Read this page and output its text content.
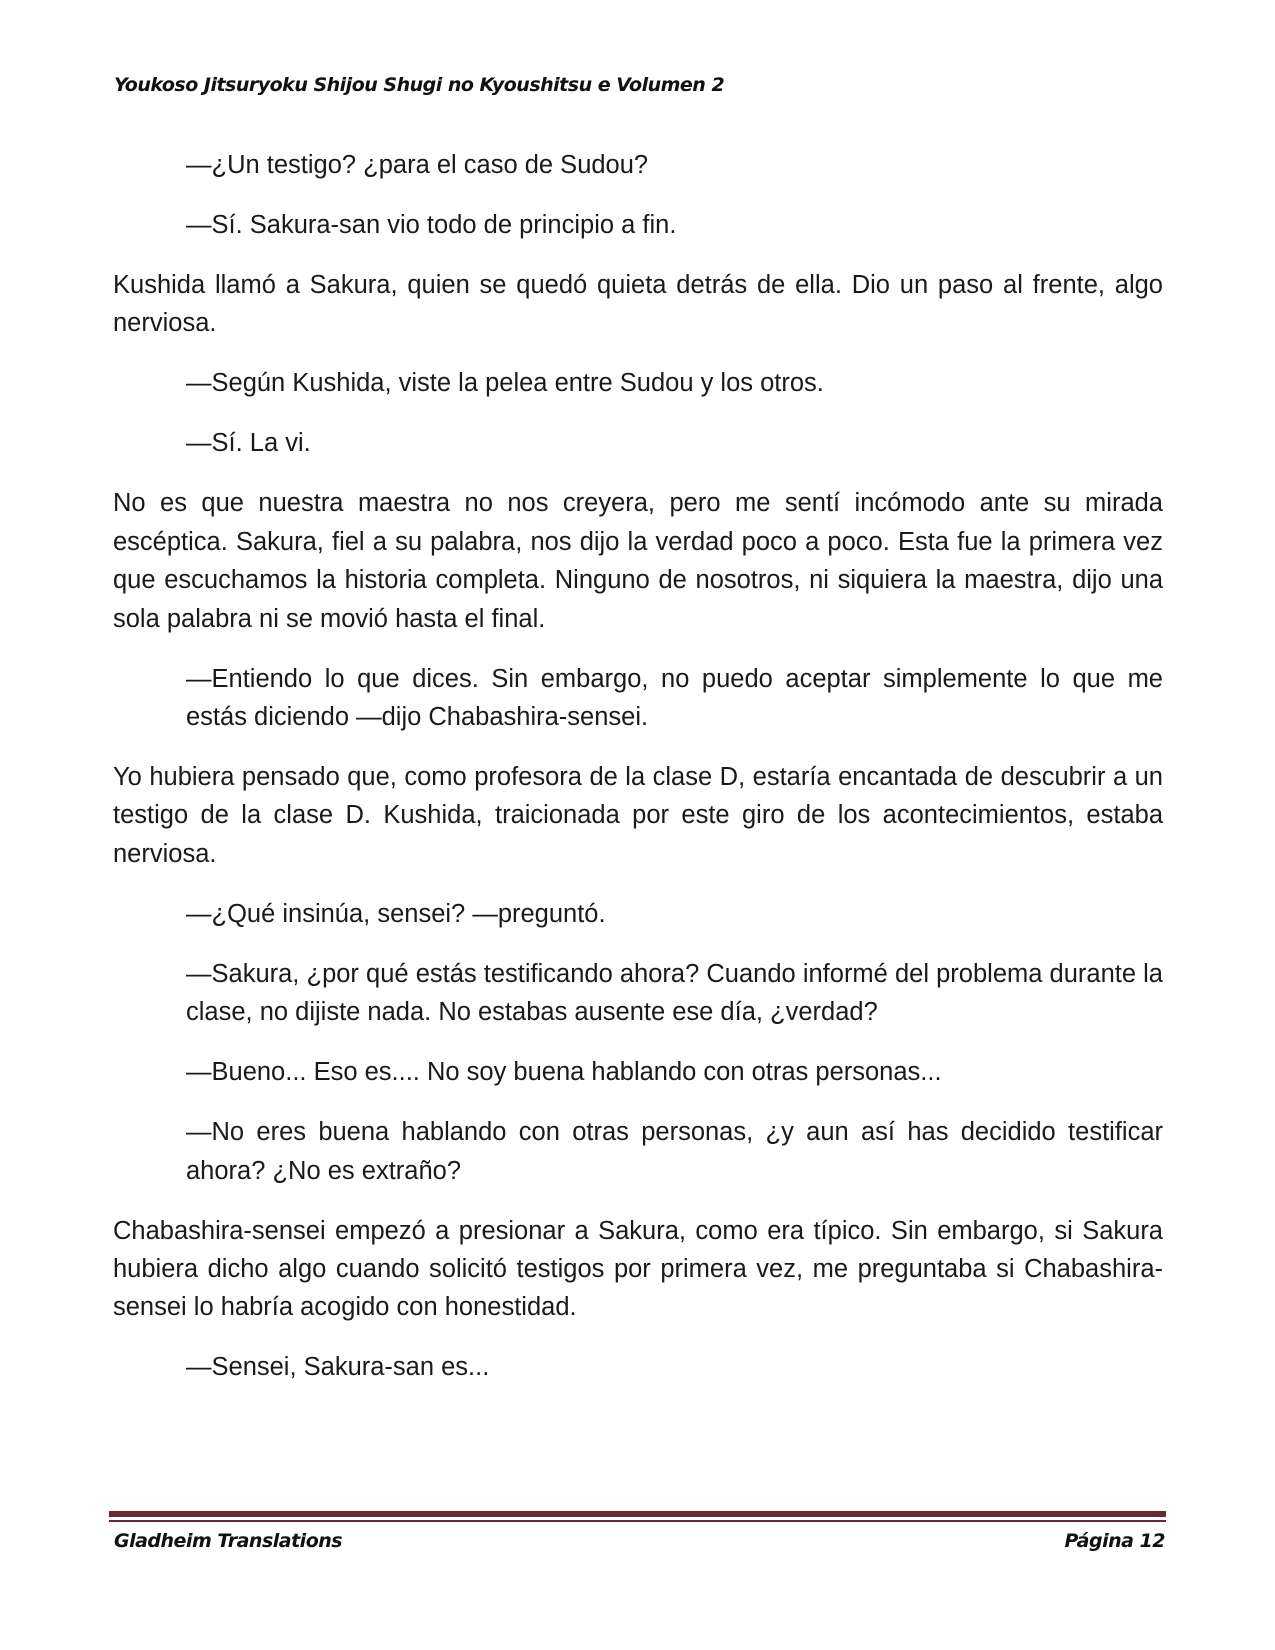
Youkoso Jitsuryoku Shijou Shugi no Kyoushitsu e Volumen 2

—¿Un testigo? ¿para el caso de Sudou?

—Sí. Sakura-san vio todo de principio a fin.

Kushida llamó a Sakura, quien se quedó quieta detrás de ella. Dio un paso al frente, algo nerviosa.

—Según Kushida, viste la pelea entre Sudou y los otros.

—Sí. La vi.

No es que nuestra maestra no nos creyera, pero me sentí incómodo ante su mirada escéptica. Sakura, fiel a su palabra, nos dijo la verdad poco a poco. Esta fue la primera vez que escuchamos la historia completa. Ninguno de nosotros, ni siquiera la maestra, dijo una sola palabra ni se movió hasta el final.

—Entiendo lo que dices. Sin embargo, no puedo aceptar simplemente lo que me estás diciendo —dijo Chabashira-sensei.

Yo hubiera pensado que, como profesora de la clase D, estaría encantada de descubrir a un testigo de la clase D. Kushida, traicionada por este giro de los acontecimientos, estaba nerviosa.

—¿Qué insinúa, sensei? —preguntó.

—Sakura, ¿por qué estás testificando ahora? Cuando informé del problema durante la clase, no dijiste nada. No estabas ausente ese día, ¿verdad?

—Bueno... Eso es.... No soy buena hablando con otras personas...

—No eres buena hablando con otras personas, ¿y aun así has decidido testificar ahora? ¿No es extraño?

Chabashira-sensei empezó a presionar a Sakura, como era típico. Sin embargo, si Sakura hubiera dicho algo cuando solicitó testigos por primera vez, me preguntaba si Chabashira-sensei lo habría acogido con honestidad.

—Sensei, Sakura-san es...

Gladheim Translations	Página 12
